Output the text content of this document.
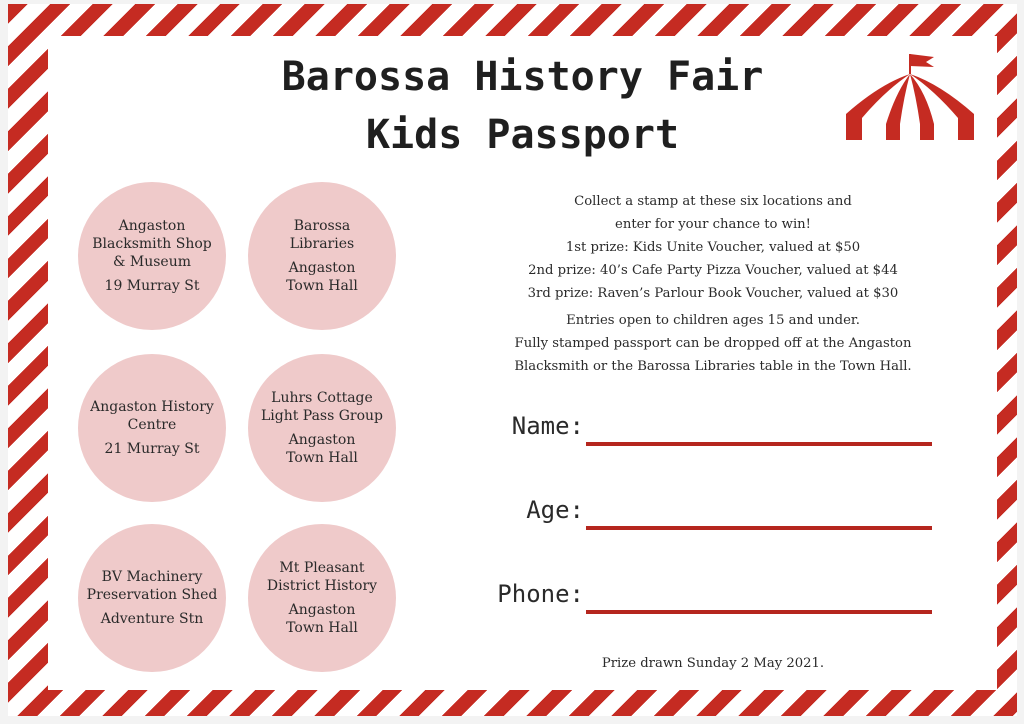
Barossa History Fair
Kids Passport
Angaston
Blacksmith Shop
& Museum
19 Murray St
Barossa
Libraries
Angaston
Town Hall
Angaston History
Centre
21 Murray St
Luhrs Cottage
Light Pass Group
Angaston
Town Hall
BV Machinery
Preservation Shed
Adventure Stn
Mt Pleasant
District History
Angaston
Town Hall

Collect a stamp at these six locations and

enter for your chance to win!

1st prize: Kids Unite Voucher, valued at $50

2nd prize: 40’s Cafe Party Pizza Voucher, valued at $44

3rd prize: Raven’s Parlour Book Voucher, valued at $30

Entries open to children ages 15 and under.

Fully stamped passport can be dropped off at the Angaston

Blacksmith or the Barossa Libraries table in the Town Hall.

Name:
Age:
Phone:
Prize drawn Sunday 2 May 2021.
